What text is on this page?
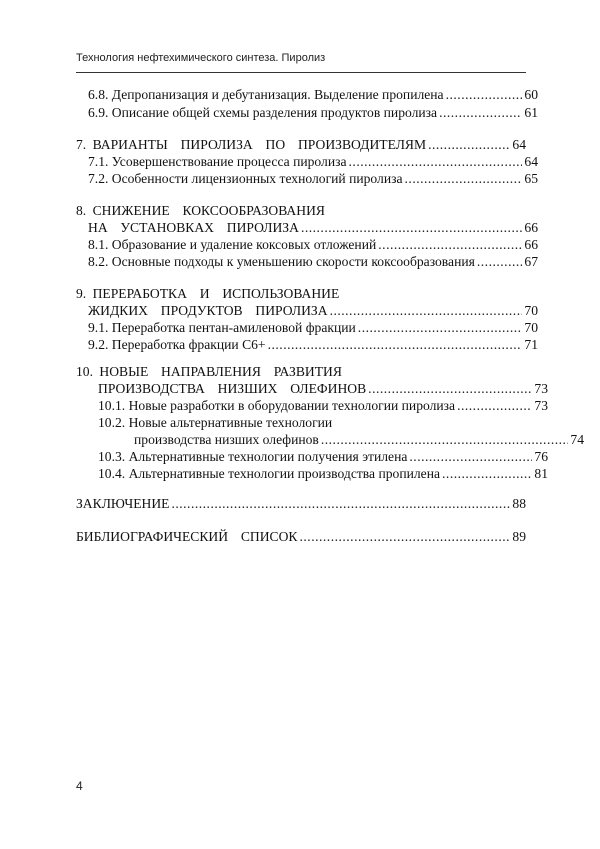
Технология нефтехимического синтеза. Пиролиз
6.8. Депропанизация и дебутанизация. Выделение пропилена .....	60
6.9. Описание общей схемы разделения продуктов пиролиза .....	61
7. ВАРИАНТЫ  ПИРОЛИЗА  ПО  ПРОИЗВОДИТЕЛЯМ .....	64
7.1. Усовершенствование процесса пиролиза .....	64
7.2. Особенности лицензионных технологий пиролиза .....	65
8. СНИЖЕНИЕ  КОКСООБРАЗОВАНИЯ
НА  УСТАНОВКАХ  ПИРОЛИЗА .....	66
8.1. Образование и удаление коксовых отложений .....	66
8.2. Основные подходы к уменьшению скорости коксообразования .....	67
9. ПЕРЕРАБОТКА  И  ИСПОЛЬЗОВАНИЕ
ЖИДКИХ  ПРОДУКТОВ  ПИРОЛИЗА .....	70
9.1. Переработка пентан-амиленовой фракции .....	70
9.2. Переработка фракции С6+ .....	71
10. НОВЫЕ  НАПРАВЛЕНИЯ  РАЗВИТИЯ
ПРОИЗВОДСТВА  НИЗШИХ  ОЛЕФИНОВ .....	73
10.1. Новые разработки в оборудовании технологии пиролиза .....	73
10.2. Новые альтернативные технологии
производства низших олефинов .....	74
10.3. Альтернативные технологии получения этилена .....	76
10.4. Альтернативные технологии производства пропилена .....	81
ЗАКЛЮЧЕНИЕ .....	88
БИБЛИОГРАФИЧЕСКИЙ  СПИСОК .....	89
4
